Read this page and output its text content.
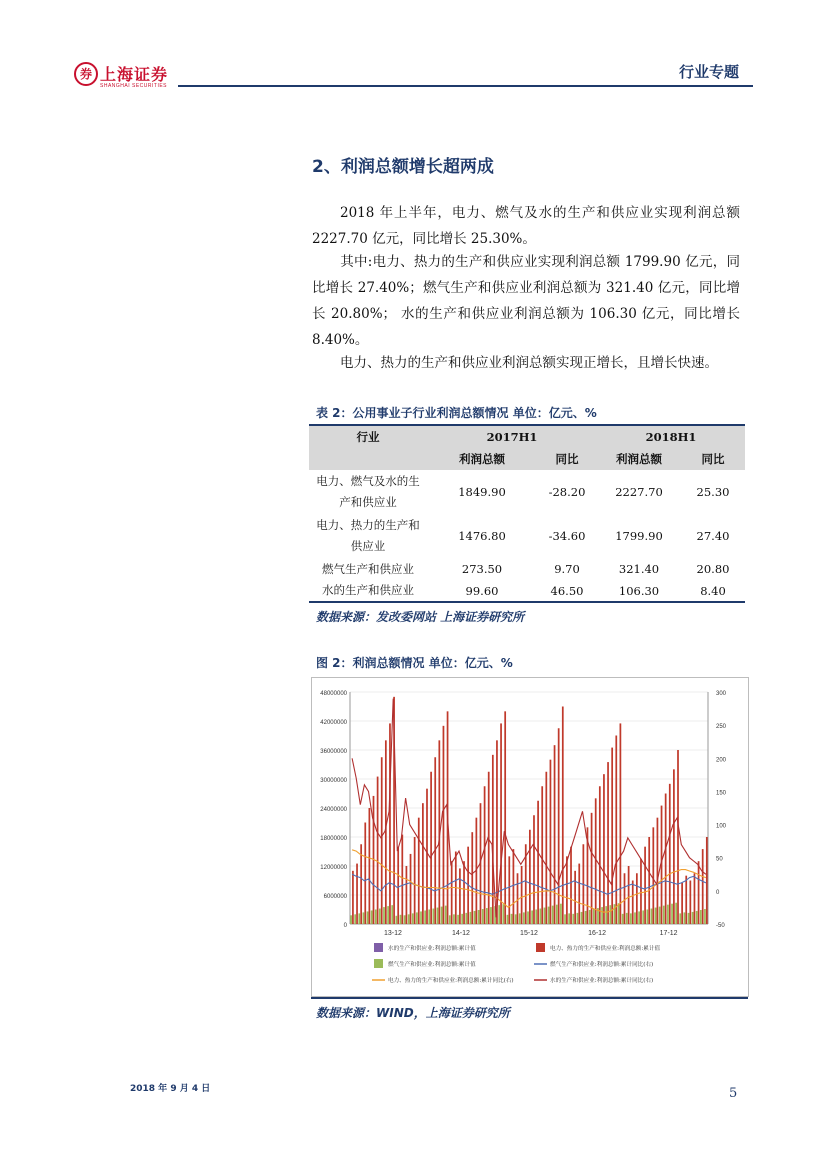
券 上海证券
SHANGHAI SECURITIES
行业专题
2、利润总额增长超两成
2018 年上半年，电力、燃气及水的生产和供应业实现利润总额 2227.70 亿元，同比增长 25.30%。
其中:电力、热力的生产和供应业实现利润总额 1799.90 亿元，同比增长 27.40%；燃气生产和供应业利润总额为 321.40 亿元，同比增长 20.80%； 水的生产和供应业利润总额为 106.30 亿元，同比增长 8.40%。
电力、热力的生产和供应业利润总额实现正增长，且增长快速。
表 2：公用事业子行业利润总额情况 单位：亿元、%
行业	2017H1		2018H1	
	利润总额	同比	利润总额	同比

电力、燃气及水的生
产和供应业	1849.90	-28.20	2227.70	25.30

电力、热力的生产和
供应业	1476.80	-34.60	1799.90	27.40
燃气生产和供应业	273.50	9.70	321.40	20.80
水的生产和供应业	99.60	46.50	106.30	8.40
数据来源：发改委网站 上海证券研究所
图 2：利润总额情况 单位：亿元、%
0
6000000
12000000
18000000
24000000
30000000
36000000
42000000
48000000
-50
0
50
100
150
200
250
300
13-12	14-12	15-12	16-12	17-12
水的生产和供应业:利润总额:累计值	电力、热力的生产和供应业:利润总额:累计值
燃气生产和供应业:利润总额:累计值	燃气生产和供应业:利润总额:累计同比(右)
电力、热力的生产和供应业:利润总额:累计同比(右)	水的生产和供应业:利润总额:累计同比(右)
数据来源：WIND，上海证券研究所
2018 年 9 月 4 日	5
